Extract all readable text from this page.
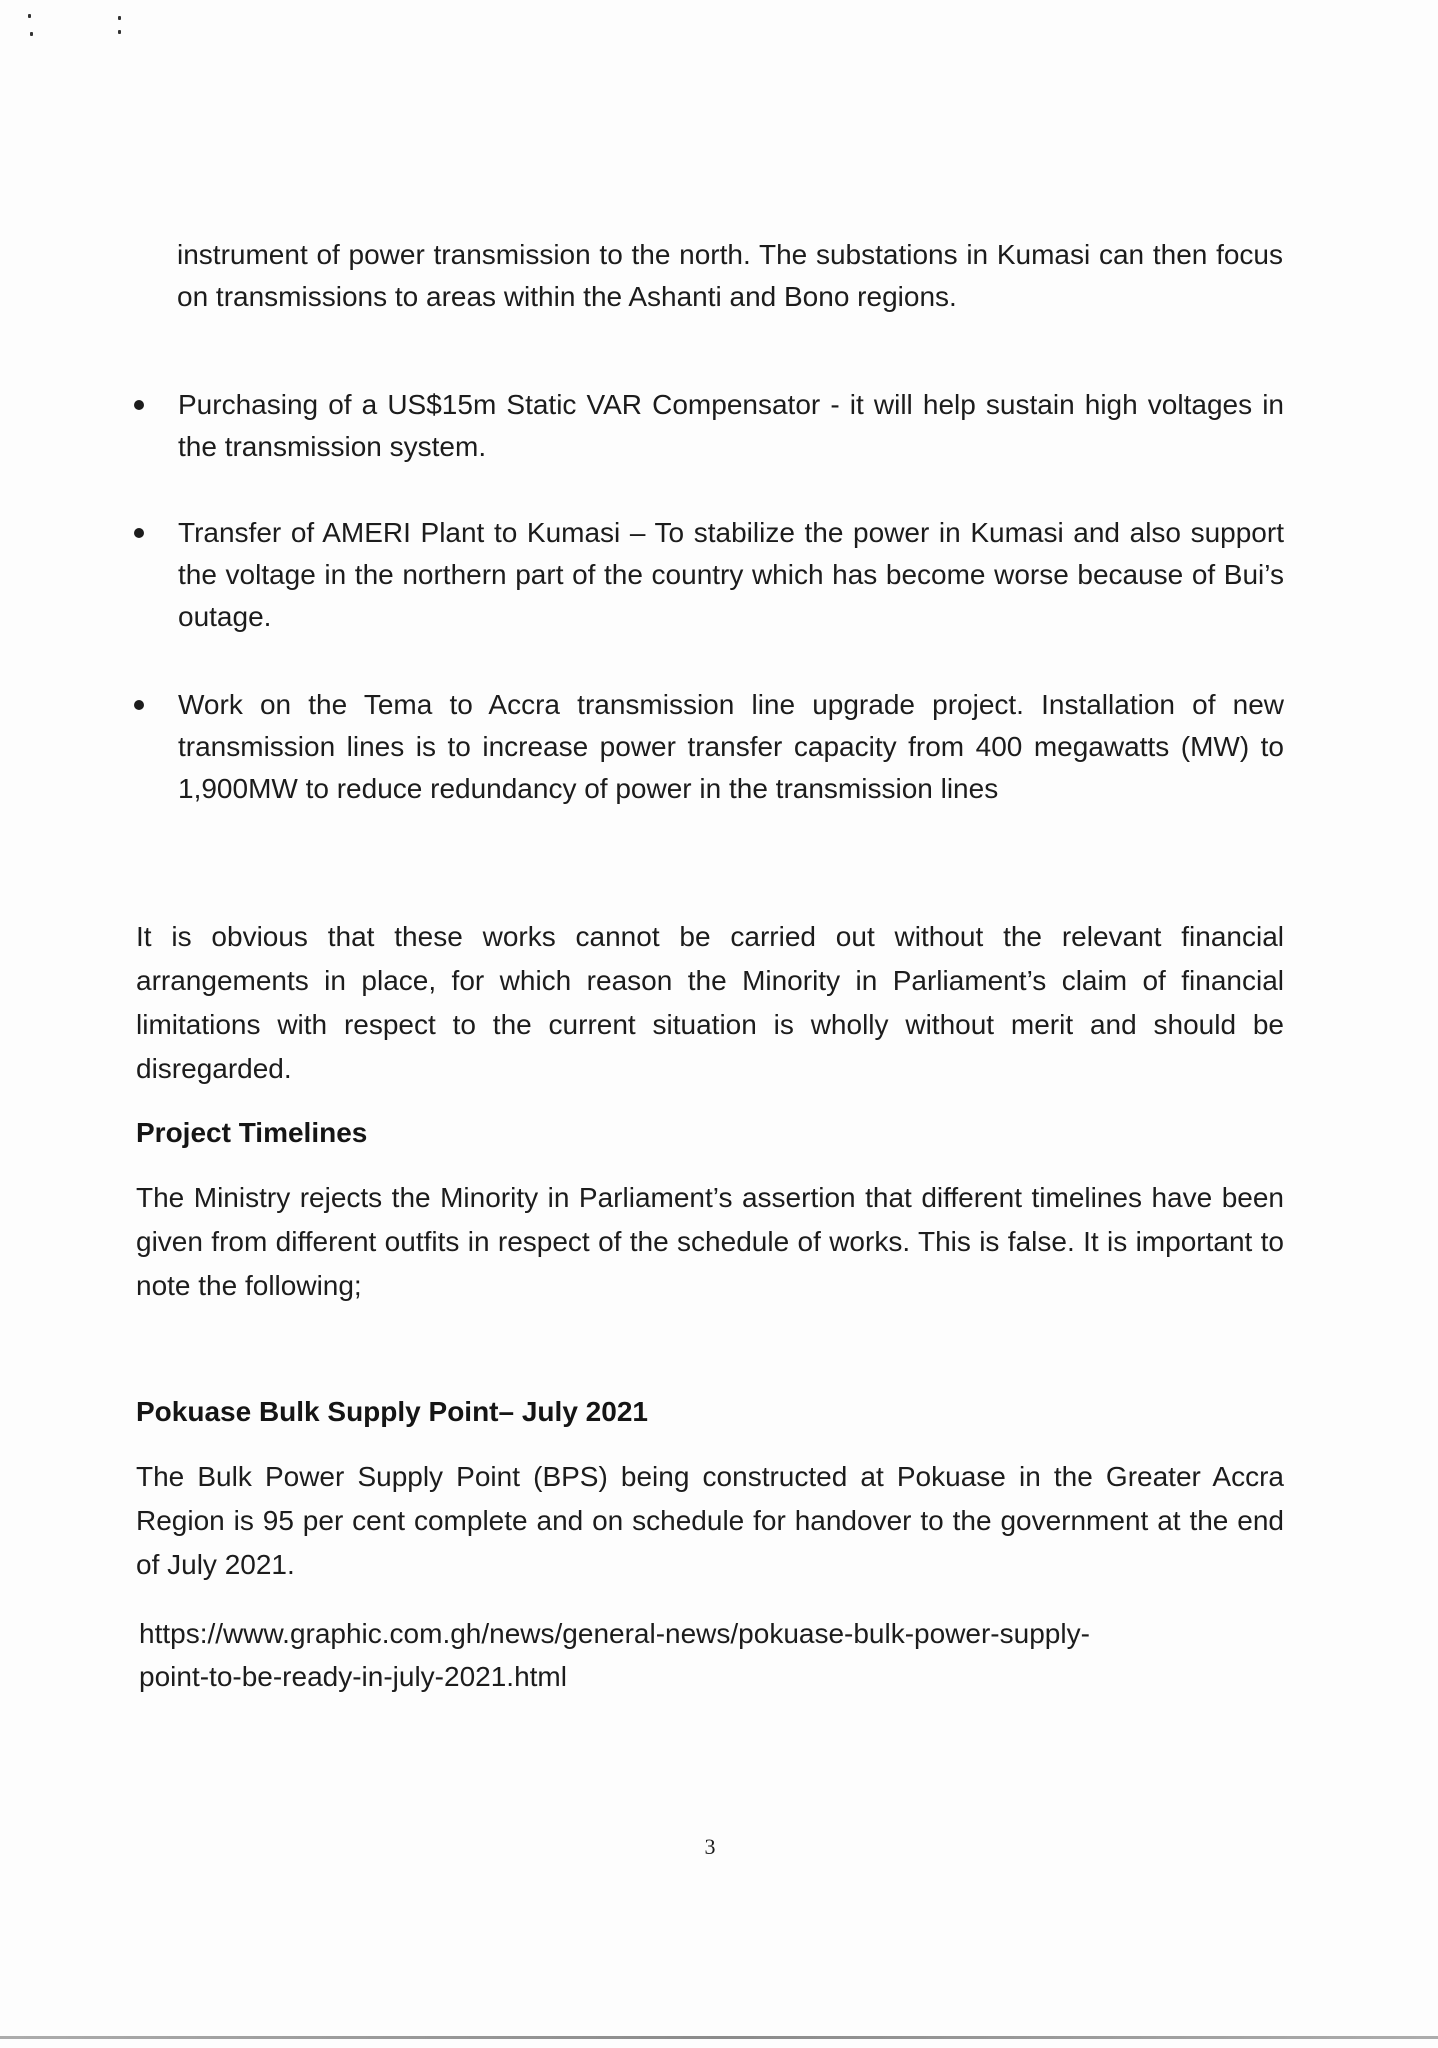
instrument of power transmission to the north. The substations in Kumasi can then focus on transmissions to areas within the Ashanti and Bono regions.

Purchasing of a US$15m Static VAR Compensator - it will help sustain high voltages in the transmission system.

Transfer of AMERI Plant to Kumasi – To stabilize the power in Kumasi and also support the voltage in the northern part of the country which has become worse because of Bui’s outage.

Work on the Tema to Accra transmission line upgrade project. Installation of new transmission lines is to increase power transfer capacity from 400 megawatts (MW) to 1,900MW to reduce redundancy of power in the transmission lines

It is obvious that these works cannot be carried out without the relevant financial arrangements in place, for which reason the Minority in Parliament’s claim of financial limitations with respect to the current situation is wholly without merit and should be disregarded.

Project Timelines

The Ministry rejects the Minority in Parliament’s assertion that different timelines have been given from different outfits in respect of the schedule of works. This is false. It is important to note the following;

Pokuase Bulk Supply Point– July 2021

The Bulk Power Supply Point (BPS) being constructed at Pokuase in the Greater Accra Region is 95 per cent complete and on schedule for handover to the government at the end of July 2021.

https://www.graphic.com.gh/news/general-news/pokuase-bulk-power-supply-

point-to-be-ready-in-july-2021.html

3
